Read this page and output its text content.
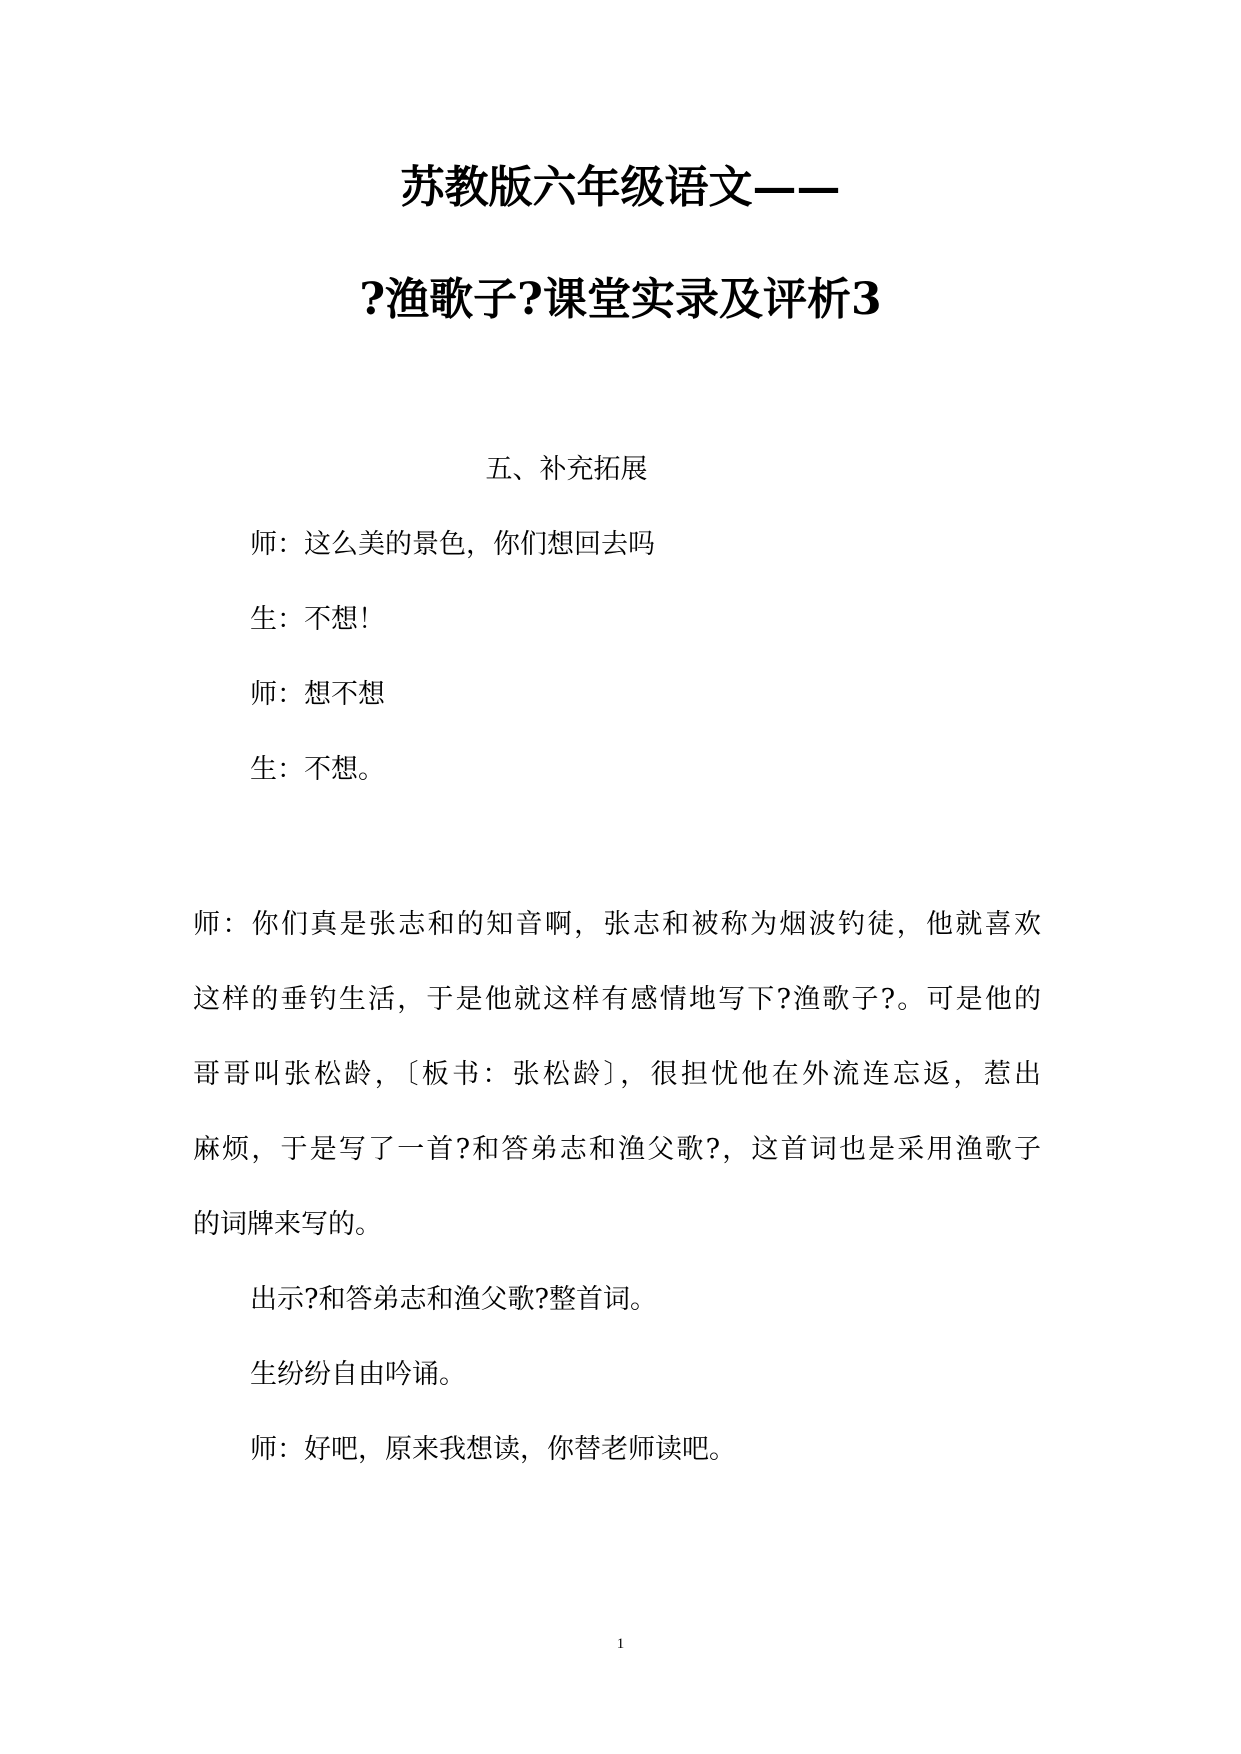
苏教版六年级语文——
?渔歌子?课堂实录及评析3
五、补充拓展
师：这么美的景色，你们想回去吗
生：不想！
师：想不想
生：不想。
师：你们真是张志和的知音啊，张志和被称为烟波钓徒，他就喜欢
这样的垂钓生活，于是他就这样有感情地写下?渔歌子?。可是他的
哥哥叫张松龄，〔板书：张松龄〕，很担忧他在外流连忘返，惹出
麻烦，于是写了一首?和答弟志和渔父歌?，这首词也是采用渔歌子
的词牌来写的。
出示?和答弟志和渔父歌?整首词。
生纷纷自由吟诵。
师：好吧，原来我想读，你替老师读吧。
1
